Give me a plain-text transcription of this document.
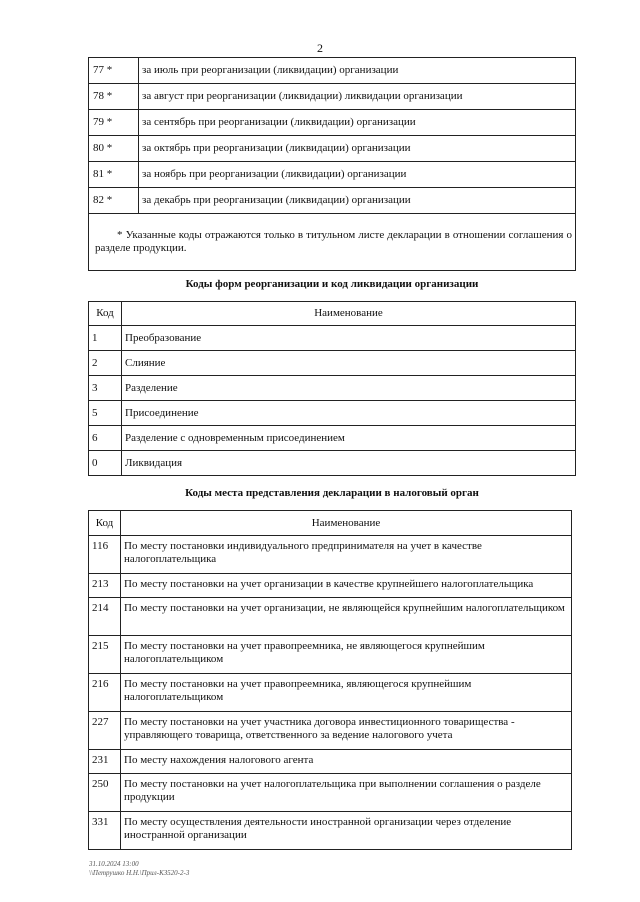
2
77 *	за июль при реорганизации (ликвидации) организации
78 *	за август при реорганизации (ликвидации) ликвидации организации
79 *	за сентябрь при реорганизации (ликвидации) организации
80 *	за октябрь при реорганизации (ликвидации) организации
81 *	за ноябрь при реорганизации (ликвидации) организации
82 *	за декабрь при реорганизации (ликвидации) организации
* Указанные коды отражаются только в титульном листе декларации в отношении соглашения о разделе продукции.	
Коды форм реорганизации и код ликвидации организации
Код	Наименование
1	Преобразование
2	Слияние
3	Разделение
5	Присоединение
6	Разделение с одновременным присоединением
0	Ликвидация
Коды места представления декларации в налоговый орган
Код	Наименование
116	По месту постановки индивидуального предпринимателя на учет в качестве налогоплательщика
213	По месту постановки на учет организации в качестве крупнейшего налогоплательщика
214	По месту постановки на учет организации, не являющейся крупнейшим налогоплательщиком
215	По месту постановки на учет правопреемника, не являющегося крупнейшим налогоплательщиком
216	По месту постановки на учет правопреемника, являющегося крупнейшим налогоплательщиком
227	По месту постановки на учет участника договора инвестиционного товарищества - управляющего товарища, ответственного за ведение налогового учета
231	По месту нахождения налогового агента
250	По месту постановки на учет налогоплательщика при выполнении соглашения о разделе продукции
331	По месту осуществления деятельности иностранной организации через отделение иностранной организации
31.10.2024 13:00
\\Петрушко Н.Н.\Прил-КЗ520-2-3
